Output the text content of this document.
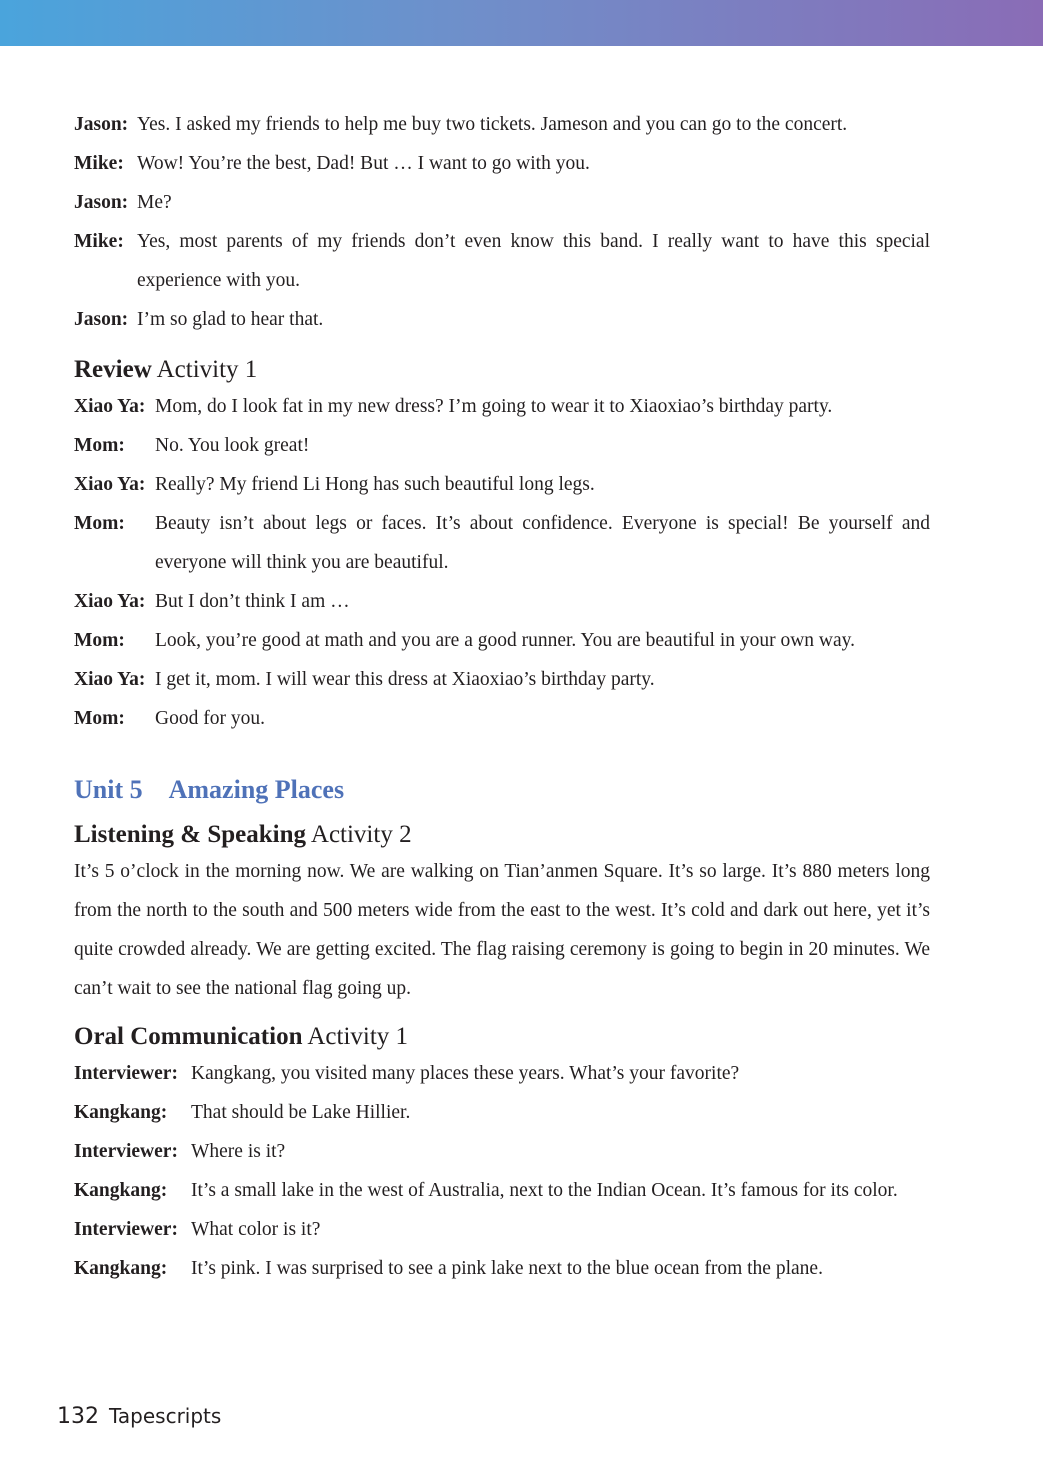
Jason: Yes. I asked my friends to help me buy two tickets. Jameson and you can go to the concert.
Mike: Wow! You’re the best, Dad! But … I want to go with you.
Jason: Me?
Mike: Yes, most parents of my friends don’t even know this band. I really want to have this special experience with you.
Jason: I’m so glad to hear that.
Review Activity 1
Xiao Ya: Mom, do I look fat in my new dress? I’m going to wear it to Xiaoxiao’s birthday party.
Mom:	No. You look great!
Xiao Ya: Really? My friend Li Hong has such beautiful long legs.
Mom:	Beauty isn’t about legs or faces. It’s about confidence. Everyone is special! Be yourself and everyone will think you are beautiful.
Xiao Ya: But I don’t think I am …
Mom:	Look, you’re good at math and you are a good runner. You are beautiful in your own way.
Xiao Ya: I get it, mom. I will wear this dress at Xiaoxiao’s birthday party.
Mom:	Good for you.
Unit 5 Amazing Places
Listening & Speaking Activity 2
It’s 5 o’clock in the morning now. We are walking on Tian’anmen Square. It’s so large. It’s 880 meters long from the north to the south and 500 meters wide from the east to the west. It’s cold and dark out here, yet it’s quite crowded already. We are getting excited. The flag raising ceremony is going to begin in 20 minutes. We can’t wait to see the national flag going up.
Oral Communication Activity 1
Interviewer: Kangkang, you visited many places these years. What’s your favorite?
Kangkang:	That should be Lake Hillier.
Interviewer: Where is it?
Kangkang:	It’s a small lake in the west of Australia, next to the Indian Ocean. It’s famous for its color.
Interviewer: What color is it?
Kangkang:	It’s pink. I was surprised to see a pink lake next to the blue ocean from the plane.
132 Tapescripts
